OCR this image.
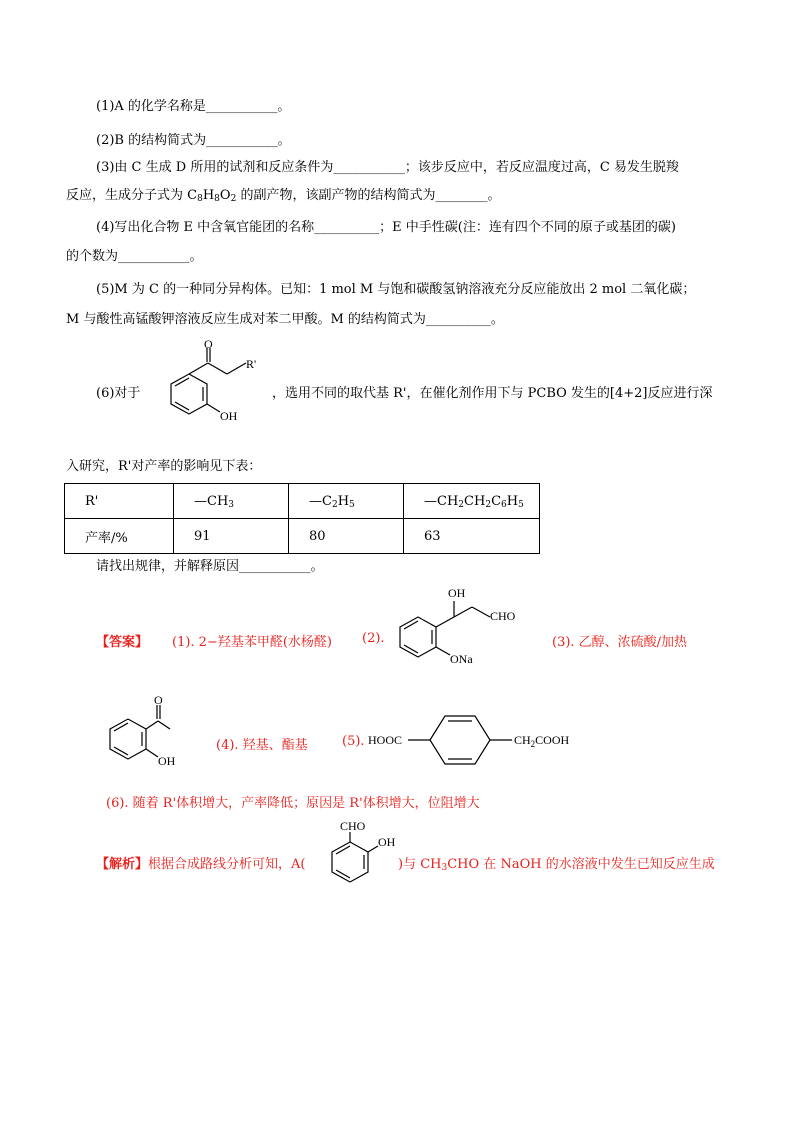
(1)A 的化学名称是___________。
(2)B 的结构简式为___________。
(3)由 C 生成 D 所用的试剂和反应条件为___________；该步反应中，若反应温度过高，C 易发生脱羧
反应，生成分子式为 $C_8H_8O_2$ 的副产物，该副产物的结构简式为________。
(4)写出化合物 E 中含氧官能团的名称__________；E 中手性碳(注：连有四个不同的原子或基团的碳)
的个数为___________。
(5)M 为 C 的一种同分异构体。已知：1 mol M 与饱和碳酸氢钠溶液充分反应能放出 2 mol 二氧化碳；
M 与酸性高锰酸钾溶液反应生成对苯二甲酸。M 的结构简式为__________。
(6)对于
O
R'
OH
，选用不同的取代基 R'，在催化剂作用下与 PCBO 发生的[4+2]反应进行深
入研究，R'对产率的影响见下表：
R'	$—CH_3$	$—C_2H_5$	$—CH_2CH_2C_6H_5$
产率/%	91	80	63
请找出规律，并解释原因___________。
【答案】 (1). 2−羟基苯甲醛(水杨醛) (2).
OH
CHO
ONa
(3). 乙醇、浓硫酸/加热
O
OH
(4). 羟基、酯基	(5). HOOC	$CH_2COOH$
(6). 随着 R'体积增大，产率降低；原因是 R'体积增大，位阻增大
【解析】根据合成路线分析可知，A(
CHO
OH
)与 $CH_3CHO$ 在 NaOH 的水溶液中发生已知反应生成
